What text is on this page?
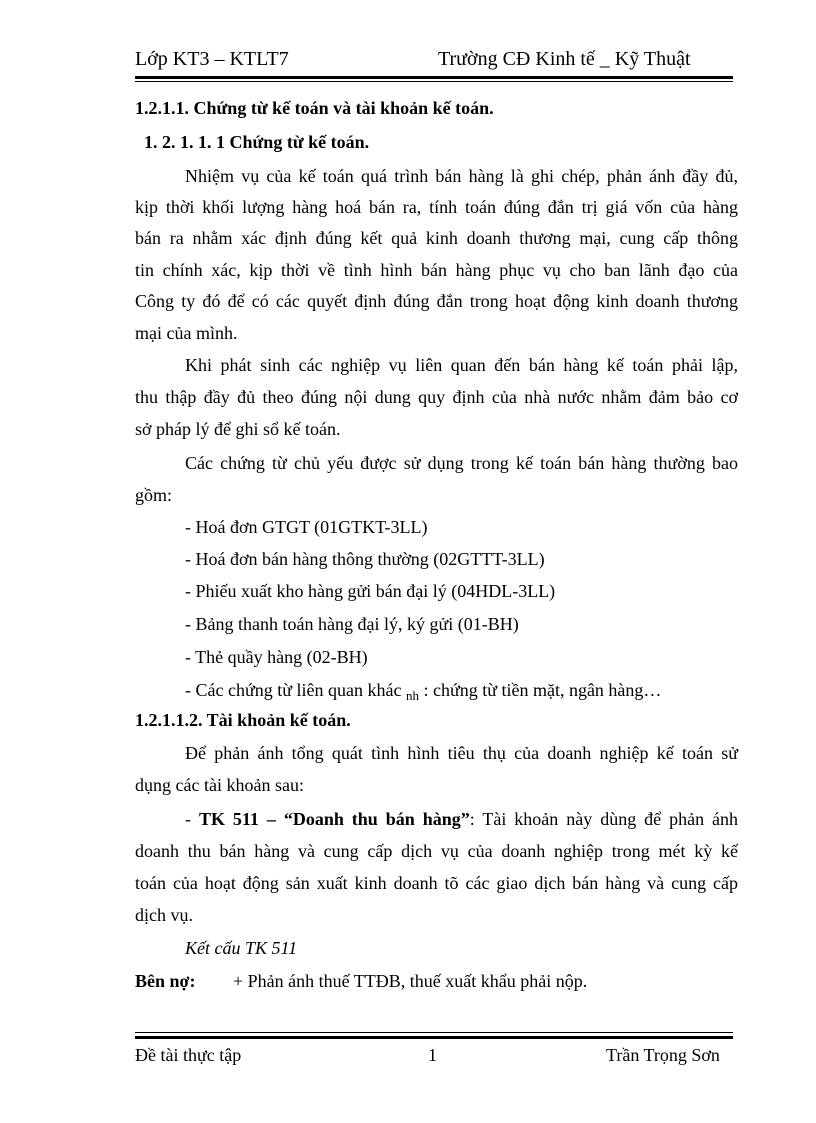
Lớp KT3 – KTLT7	Trường CĐ Kinh tế _ Kỹ Thuật
1.2.1.1. Chứng từ kế toán và tài khoản kế toán.
1. 2. 1. 1. 1 Chứng từ kế toán.
Nhiệm vụ của kế toán quá trình bán hàng là ghi chép, phản ánh đầy đủ,
kịp thời khối lượng hàng hoá bán ra, tính toán đúng đắn trị giá vốn của hàng
bán ra nhằm xác định đúng kết quả kinh doanh thương mại, cung cấp thông
tin chính xác, kịp thời về tình hình bán hàng phục vụ cho ban lãnh đạo của
Công ty đó để có các quyết định đúng đắn trong hoạt động kinh doanh thương
mại của mình.
Khi phát sinh các nghiệp vụ liên quan đến bán hàng kế toán phải lập,
thu thập đầy đủ theo đúng nội dung quy định của nhà nước nhằm đảm bảo cơ
sở pháp lý để ghi sổ kế toán.
Các chứng từ chủ yếu được sử dụng trong kế toán bán hàng thường bao
gồm:
- Hoá đơn GTGT (01GTKT-3LL)
- Hoá đơn bán hàng thông thường (02GTTT-3LL)
- Phiếu xuất kho hàng gửi bán đại lý (04HDL-3LL)
- Bảng thanh toán hàng đại lý, ký gửi (01-BH)
- Thẻ quầy hàng (02-BH)
- Các chứng từ liên quan khác $_{nh}$ : chứng từ tiền mặt, ngân hàng…
1.2.1.1.2. Tài khoản kế toán.
Để phản ánh tổng quát tình hình tiêu thụ của doanh nghiệp kế toán sử
dụng các tài khoản sau:
- TK 511 – “Doanh thu bán hàng”: Tài khoản này dùng để phản ánh
doanh thu bán hàng và cung cấp dịch vụ của doanh nghiệp trong mét kỳ kế
toán của hoạt động sản xuất kinh doanh tõ các giao dịch bán hàng và cung cấp
dịch vụ.
Kết cấu TK 511
Bên nợ:	+ Phản ánh thuế TTĐB, thuế xuất khẩu phải nộp.
Đề tài thực tập	1	Trần Trọng Sơn
